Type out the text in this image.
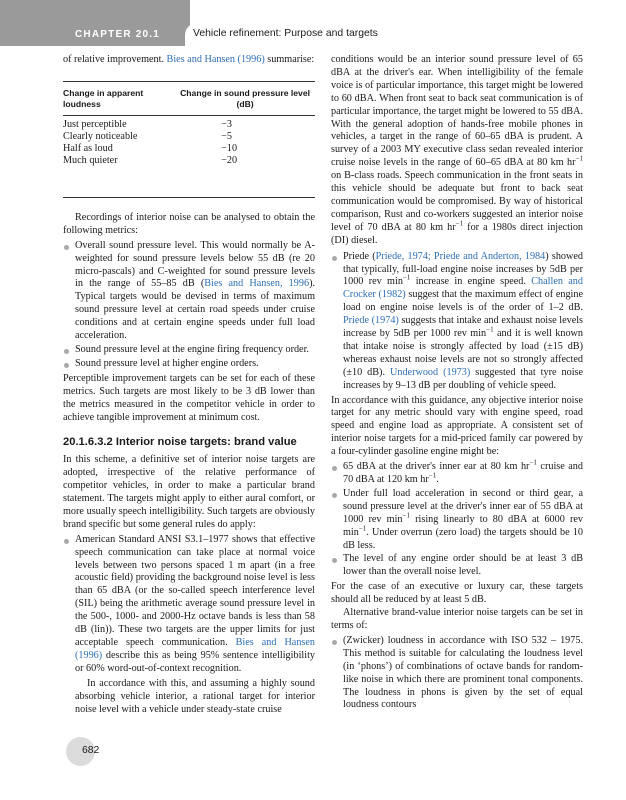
CHAPTER 20.1	Vehicle refinement: Purpose and targets

of relative improvement. Bies and Hansen (1996) summarise:

Change in apparent loudness	Change in sound pressure level (dB)
Just perceptible	−3
Clearly noticeable	−5
Half as loud	−10
Much quieter	−20

Recordings of interior noise can be analysed to obtain the following metrics:

Overall sound pressure level. This would normally be A-weighted for sound pressure levels below 55 dB (re 20 micro-pascals) and C-weighted for sound pressure levels in the range of 55–85 dB (Bies and Hansen, 1996). Typical targets would be devised in terms of maximum sound pressure level at certain road speeds under cruise conditions and at certain engine speeds under full load acceleration.
Sound pressure level at the engine firing frequency order.
Sound pressure level at higher engine orders.

Perceptible improvement targets can be set for each of these metrics. Such targets are most likely to be 3 dB lower than the metrics measured in the competitor vehicle in order to achieve tangible improvement at minimum cost.

20.1.6.3.2 Interior noise targets: brand value

In this scheme, a definitive set of interior noise targets are adopted, irrespective of the relative performance of competitor vehicles, in order to make a particular brand statement. The targets might apply to either aural comfort, or more usually speech intelligibility. Such targets are obviously brand specific but some general rules do apply:

American Standard ANSI S3.1–1977 shows that effective speech communication can take place at normal voice levels between two persons spaced 1 m apart (in a free acoustic field) providing the background noise level is less than 65 dBA (or the so-called speech interference level (SIL) being the arithmetic average sound pressure level in the 500-, 1000- and 2000-Hz octave bands is less than 58 dB (lin)). These two targets are the upper limits for just acceptable speech communication. Bies and Hansen (1996) describe this as being 95% sentence intelligibility or 60% word-out-of-context recognition.

In accordance with this, and assuming a highly sound absorbing vehicle interior, a rational target for interior noise level with a vehicle under steady-state cruise

conditions would be an interior sound pressure level of 65 dBA at the driver's ear. When intelligibility of the female voice is of particular importance, this target might be lowered to 60 dBA. When front seat to back seat communication is of particular importance, the target might be lowered to 55 dBA. With the general adoption of hands-free mobile phones in vehicles, a target in the range of 60–65 dBA is prudent. A survey of a 2003 MY executive class sedan revealed interior cruise noise levels in the range of 60–65 dBA at 80 km $hr^{-1}$ on B-class roads. Speech communication in the front seats in this vehicle should be adequate but front to back seat communication would be compromised. By way of historical comparison, Rust and co-workers suggested an interior noise level of 70 dBA at 80 km $hr^{-1}$ for a 1980s direct injection (DI) diesel.

Priede (Priede, 1974; Priede and Anderton, 1984) showed that typically, full-load engine noise increases by 5dB per 1000 rev $\min^{-1}$ increase in engine speed. Challen and Crocker (1982) suggest that the maximum effect of engine load on engine noise levels is of the order of 1–2 dB. Priede (1974) suggests that intake and exhaust noise levels increase by 5dB per 1000 rev $\min^{-1}$ and it is well known that intake noise is strongly affected by load (±15 dB) whereas exhaust noise levels are not so strongly affected (±10 dB). Underwood (1973) suggested that tyre noise increases by 9–13 dB per doubling of vehicle speed.

In accordance with this guidance, any objective interior noise target for any metric should vary with engine speed, road speed and engine load as appropriate. A consistent set of interior noise targets for a mid-priced family car powered by a four-cylinder gasoline engine might be:

65 dBA at the driver's inner ear at 80 km $hr^{-1}$ cruise and 70 dBA at 120 km $hr^{-1}$.
Under full load acceleration in second or third gear, a sound pressure level at the driver's inner ear of 55 dBA at 1000 rev $\min^{-1} rising$ linearly to 80 dBA at 6000 rev $\min^{-1}$. Under overrun (zero load) the targets should be 10 dB less.
The level of any engine order should be at least 3 dB lower than the overall noise level.

For the case of an executive or luxury car, these targets should all be reduced by at least 5 dB.

Alternative brand-value interior noise targets can be set in terms of:

(Zwicker) loudness in accordance with ISO 532 – 1975. This method is suitable for calculating the loudness level (in ‘phons’) of combinations of octave bands for random-like noise in which there are prominent tonal components. The loudness in phons is given by the set of equal loudness contours
682
